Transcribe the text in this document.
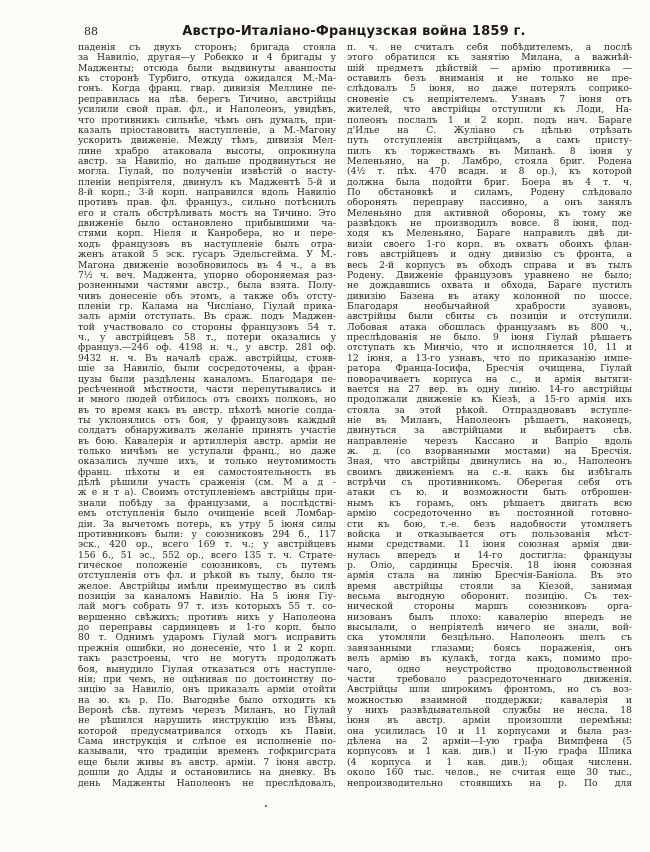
88	Австро-Италіано-Французская война 1859 г.
паденія съ двухъ сторонъ; бригада стояла
за Навиліо, другая—у Робекко и 4 бригады у
Мадженты; отсюда были выдвинуты аванпосты
къ сторонѣ Турбиго, откуда ожидался М.-Ма-
гонъ. Когда франц. гвар. дивизія Меллине пе-
реправилась на лѣв. берегъ Тичино, австрійцы
усилили свой прав. фл., и Наполеонъ, увидѣвъ,
что противникъ сильнѣе, чѣмъ онъ думалъ, при-
казалъ пріостановить наступленіе, а М.-Магону
ускорить движеніе. Между тѣмъ, дивизія Мел-
лине храбро атаковала высоты, опрокинула
австр. за Навиліо, но дальше продвинуться не
могла. Гіулай, по полученіи извѣстій о насту-
пленіи непріятеля, двинулъ къ Маджентѣ 5-й и
8-й корп.; 3-й корп. направился вдоль Навиліо
противъ прав. фл. француз., сильно потѣснилъ
его и сталъ обстрѣливать мостъ на Тичино. Это
движеніе было остановлено прибывшими ча-
стями корп. Ніеля и Канробера, но и пере-
ходъ французовъ въ наступленіе былъ отра-
женъ атакой 5 эск. гусаръ Эдельсгейма. У М.-
Магона движеніе возобновилось въ 4 ч., а въ
7½ ч. веч. Маджента, упорно обороняемая раз-
розненными частями австр., была взята. Полу-
чивъ донесеніе объ этомъ, а также объ отсту-
пленіи гр. Калама на Числіано, Гіулай прика-
залъ арміи отступать. Въ сраж. подъ Маджен-
той участвовало со стороны французовъ 54 т.
ч., у австрійцевъ 58 т., потери оказались у
француз.—246 оф. 4198 н. ч., у австр. 281 оф.
9432 н. ч. Въ началѣ сраж. австрійцы, стояв-
шіе за Навиліо, были сосредоточены, а фран-
цузы были раздѣлены каналомъ. Благодаря пе-
ресѣченной мѣстности, части перепутывались и
и много людей отбилось отъ своихъ полковъ, но
въ то время какъ въ австр. пѣхотѣ многіе солда-
ты уклонялись отъ боя, у французовъ каждый
солдатъ обнаруживалъ желаніе принять участіе
въ бою. Кавалерія и артиллерія австр. арміи не
только ничѣмъ не уступали франц., но даже
оказались лучше ихъ, и только неутомимость
франц. пѣхоты и ея самостоятельность въ
дѣлѣ рѣшили участь сраженія (см. М а д -
ж е н т а). Своимъ отступленіемъ австрійцы при-
знали побѣду за французами, а послѣдстві-
емъ отступленія было очищеніе всей Ломбар-
діи. За вычетомъ потерь, къ утру 5 іюня силы
противниковъ были: у союзниковъ 294 б., 117
эск., 420 ор., всего 169 т. ч.; у австрійцевъ
156 б., 51 эс., 552 ор., всего 135 т. ч. Страте-
гическое положеніе союзниковъ, съ путемъ
отступленія отъ фл. и рѣкой въ тылу, было тя-
желое. Австрійцы имѣли преимущество въ силѣ
позиціи за каналомъ Навиліо. На 5 іюня Гіу-
лай могъ собрать 97 т. изъ которыхъ 55 т. со-
вершенно свѣжихъ; противъ нихъ у Наполеона
до переправы сардинцевъ и 1-го корп. было
80 т. Однимъ ударомъ Гіулай могъ исправить
прежнія ошибки, но донесеніе, что 1 и 2 корп.
такъ разстроены, что не могутъ продолжать
боя, вынудило Гіулая отказаться отъ наступле-
нія; при чемъ, не оцѣнивая по достоинству по-
зицію за Навиліо, онъ приказалъ арміи отойти
на ю. къ р. По. Выгоднѣе было отходить къ
Веронѣ сѣв. путемъ черезъ Миланъ, но Гіулай
не рѣшился нарушить инструкцію изъ Вѣны,
которой предусматривался отходъ къ Павіи.
Сама инструкція и слѣпое ея исполненіе по-
казывали, что традиціи временъ гофкригсрата
еще были живы въ австр. арміи. 7 іюня австр.
дошли до Адды и остановились на дневку. Въ
день Мадженты Наполеонъ не преслѣдовалъ,
п. ч. не считалъ себя побѣдителемъ, а послѣ
этого обратился къ занятію Милана, а важнѣй-
шій предметъ дѣйствій — армію противника —
оставилъ безъ вниманія и не только не пре-
слѣдовалъ 5 іюня, но даже потерялъ соприко-
сновеніе съ непріятелемъ. Узнавъ 7 іюня отъ
жителей, что австрійцы отступили къ Лоди, На-
полеонъ послалъ 1 и 2 корп. подъ нач. Бараге
д'Илье на С. Жуліано съ цѣлью отрѣзать
путь отступленія австрійцамъ, а самъ присту-
пилъ къ торжествамъ въ Миланѣ. 8 іюня у
Меленьяно, на р. Ламбро, стояла бриг. Родена
(4½ т. пѣх. 470 всадн. и 8 ор.), къ которой
должна была подойти бриг. Боера въ 4 т. ч.
По обстановкѣ и силамъ, Родену слѣдовало
оборонять переправу пассивно, а онъ занялъ
Меленьяно для активной обороны, къ тому же
развѣдокъ не производилъ вовсе. 8 іюня, под-
ходя къ Меленьяно, Бараге направилъ двѣ ди-
визіи своего 1-го корп. въ охватъ обоихъ флан-
говъ австрійцевъ и одну дивизію съ фронта, а
весь 2-й корпусъ въ обходъ справа и въ тылъ
Родену. Движеніе французовъ уравнено не было;
не дождавшись охвата и обхода, Бараге пустилъ
дивизію Базена въ атаку колонной по шоссе.
Благодаря необычайной храбрости зуавовъ,
австрійцы были сбиты съ позиціи и отступили.
Лобовая атака обошлась французамъ въ 800 ч.,
преслѣдованія не было. 9 іюня Гіулай рѣшаетъ
отступать къ Минчіо, что и исполняется 10, 11 и
12 іюня, а 13-го узнавъ, что по приказанію импе-
ратора Франца-Іосифа, Бресчія очищена, Гіулай
поворачиваетъ корпуса на с., и армія вытяги-
вается на 27 вер. въ одну линію. 14-го австрійцы
продолжали движеніе къ Кіезѣ, а 15-го армія ихъ
стояла за этой рѣкой. Отпраздновавъ вступле-
ніе въ Миланъ, Наполеонъ рѣшаетъ, наконецъ,
двинуться за австрійцами и выбираетъ сѣв.
направленіе черезъ Кассано и Вапріо вдоль
ж. д. (со взорванными мостами) на Бресчія.
Зная, что австрійцы двинулись на ю., Наполеонъ
своимъ движеніемъ на с.-в. какъ бы избѣгалъ
встрѣчи съ противникомъ. Оберегая себя отъ
атаки съ ю. и возможности быть отброшен-
нымъ къ горамъ, онъ рѣшаетъ двигать всю
армію сосредоточенно въ постоянной готовно-
сти къ бою, т.-е. безъ надобности утомляетъ
войска и отказывается отъ пользованія мѣст-
ными средствами. 11 іюня союзная армія дви-
нулась впередъ и 14-го достигла: французы
р. Оліо, сардинцы Бресчія. 18 іюня союзная
армія стала на линію Бресчія-Баніола. Въ это
время австрійцы стояли за Кіезой, занимая
весьма выгодную оборонит. позицію. Съ тех-
нической стороны маршъ союзниковъ орга-
низованъ былъ плохо: кавалерію впередъ не
высылали, о непріятелѣ ничего не знали, вой-
ска утомляли безцѣльно. Наполеонъ шелъ съ
завязанными глазами; боясь пораженія, онъ
велъ армію въ кулакѣ, тогда какъ, помимо про-
чаго, одно неустройство продовольственной
части требовало разсредоточеннаго движенія.
Австрійцы шли широкимъ фронтомъ, но съ воз-
можностью взаимной поддержки; кавалерія и
у нихъ развѣдывательной службы не несла. 18
іюня въ австр. арміи произошли перемѣны:
она усилилась 10 и 11 корпусами и была раз-
дѣлена на 2 арміи—I-ую графа Вимпфена (5
корпусовъ и 1 кав. див.) и II-ую графа Шлика
(4 корпуса и 1 кав. див.); общая численн.
около 160 тыс. челов., не считая еще 30 тыс.,
непроизводительно стоявшихъ на р. По для
